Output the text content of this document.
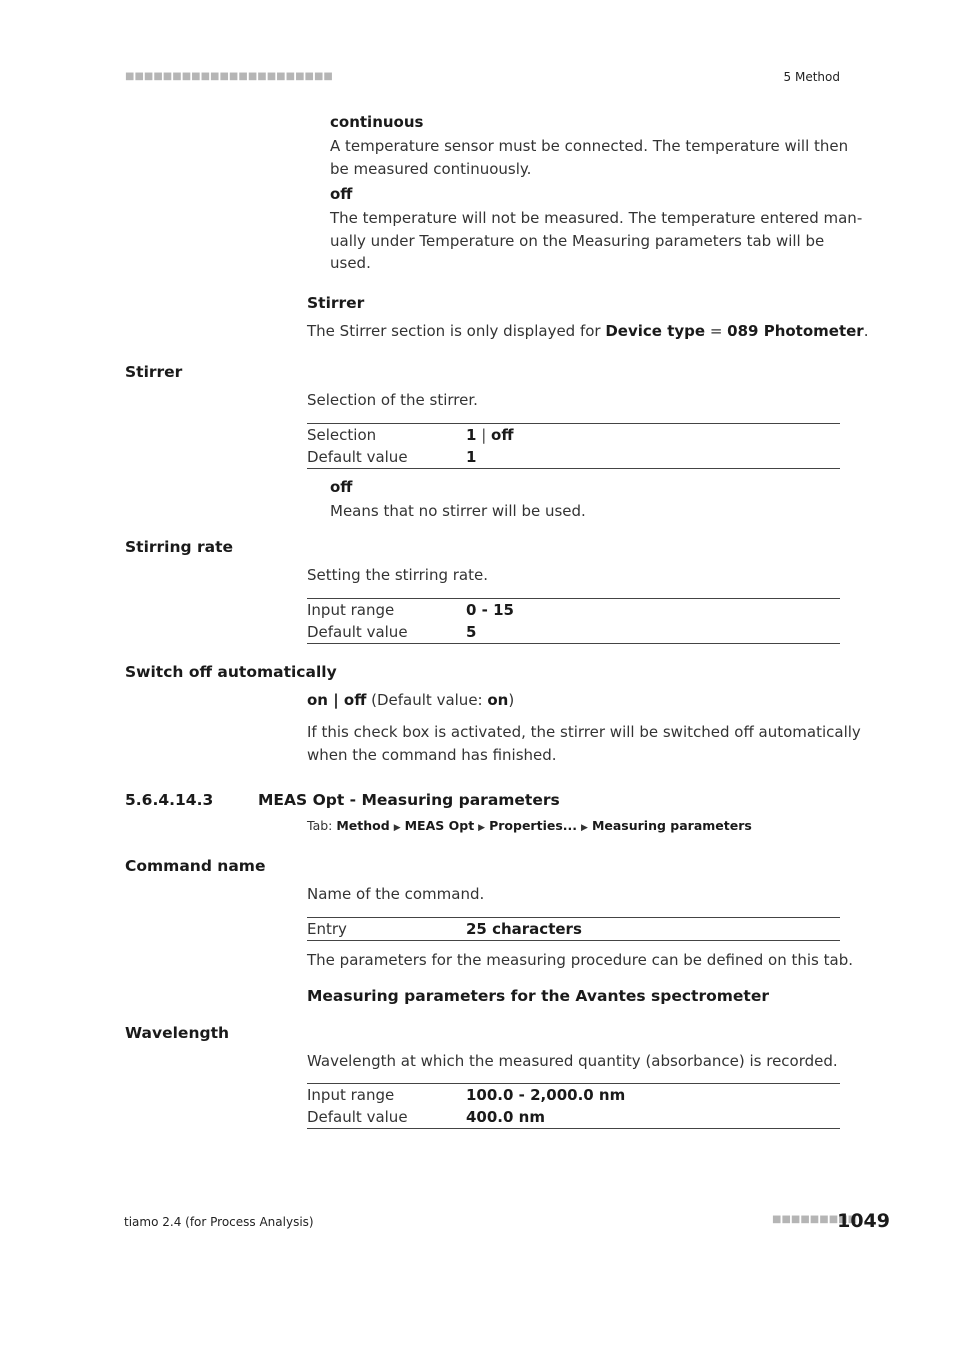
■■■■■■■■■■■■■■■■■■■■■■	5 Method
continuous
A temperature sensor must be connected. The temperature will then
be measured continuously.
off
The temperature will not be measured. The temperature entered man-
ually under Temperature on the Measuring parameters tab will be
used.
Stirrer
The Stirrer section is only displayed for Device type = 089 Photometer.
Stirrer
Selection of the stirrer.
Selection	1 | off
Default value	1
off
Means that no stirrer will be used.
Stirring rate
Setting the stirring rate.
Input range	0 - 15
Default value	5
Switch off automatically
on | off (Default value: on)
If this check box is activated, the stirrer will be switched off automatically
when the command has finished.
5.6.4.14.3	MEAS Opt - Measuring parameters
Tab: Method ▶ MEAS Opt ▶ Properties... ▶ Measuring parameters
Command name
Name of the command.
Entry	25 characters
The parameters for the measuring procedure can be defined on this tab.
Measuring parameters for the Avantes spectrometer
Wavelength
Wavelength at which the measured quantity (absorbance) is recorded.
Input range	100.0 - 2,000.0 nm
Default value	400.0 nm
tiamo 2.4 (for Process Analysis)	■■■■■■■■■
1049
